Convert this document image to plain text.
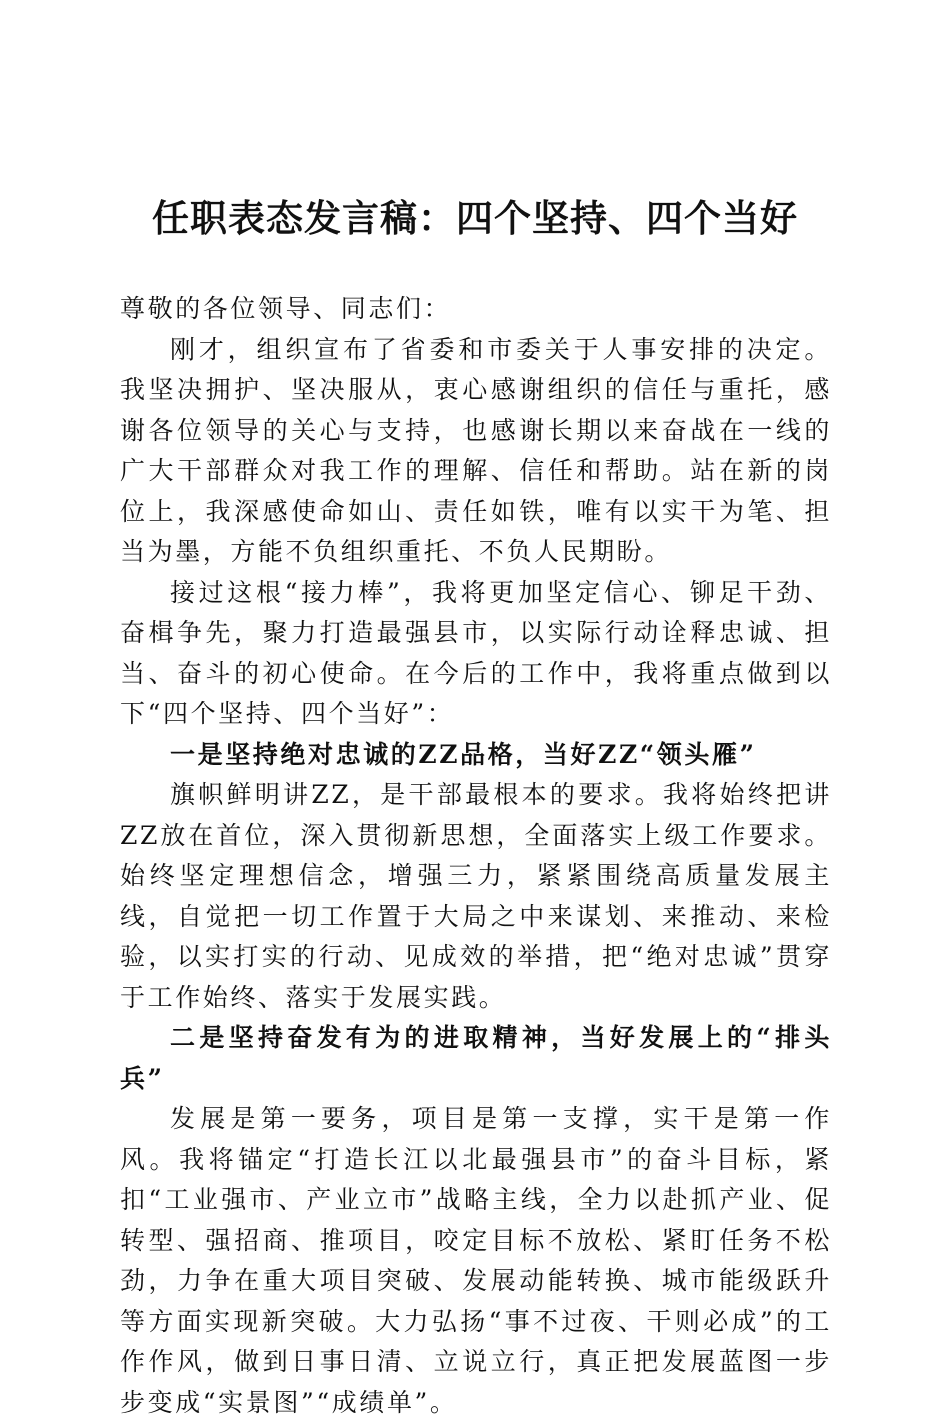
任职表态发言稿：四个坚持、四个当好

尊敬的各位领导、同志们：

刚才，组织宣布了省委和市委关于人事安排的决定。我坚决拥护、坚决服从，衷心感谢组织的信任与重托，感谢各位领导的关心与支持，也感谢长期以来奋战在一线的广大干部群众对我工作的理解、信任和帮助。站在新的岗位上，我深感使命如山、责任如铁，唯有以实干为笔、担当为墨，方能不负组织重托、不负人民期盼。

接过这根“接力棒”，我将更加坚定信心、铆足干劲、奋楫争先，聚力打造最强县市，以实际行动诠释忠诚、担当、奋斗的初心使命。在今后的工作中，我将重点做到以下“四个坚持、四个当好”：

一是坚持绝对忠诚的ZZ品格，当好ZZ“领头雁”

旗帜鲜明讲ZZ，是干部最根本的要求。我将始终把讲ZZ放在首位，深入贯彻新思想，全面落实上级工作要求。始终坚定理想信念，增强三力，紧紧围绕高质量发展主线，自觉把一切工作置于大局之中来谋划、来推动、来检验，以实打实的行动、见成效的举措，把“绝对忠诚”贯穿于工作始终、落实于发展实践。

二是坚持奋发有为的进取精神，当好发展上的“排头兵”

发展是第一要务，项目是第一支撑，实干是第一作风。我将锚定“打造长江以北最强县市”的奋斗目标，紧扣“工业强市、产业立市”战略主线，全力以赴抓产业、促转型、强招商、推项目，咬定目标不放松、紧盯任务不松劲，力争在重大项目突破、发展动能转换、城市能级跃升等方面实现新突破。大力弘扬“事不过夜、干则必成”的工作作风，做到日事日清、立说立行，真正把发展蓝图一步步变成“实景图”“成绩单”。
